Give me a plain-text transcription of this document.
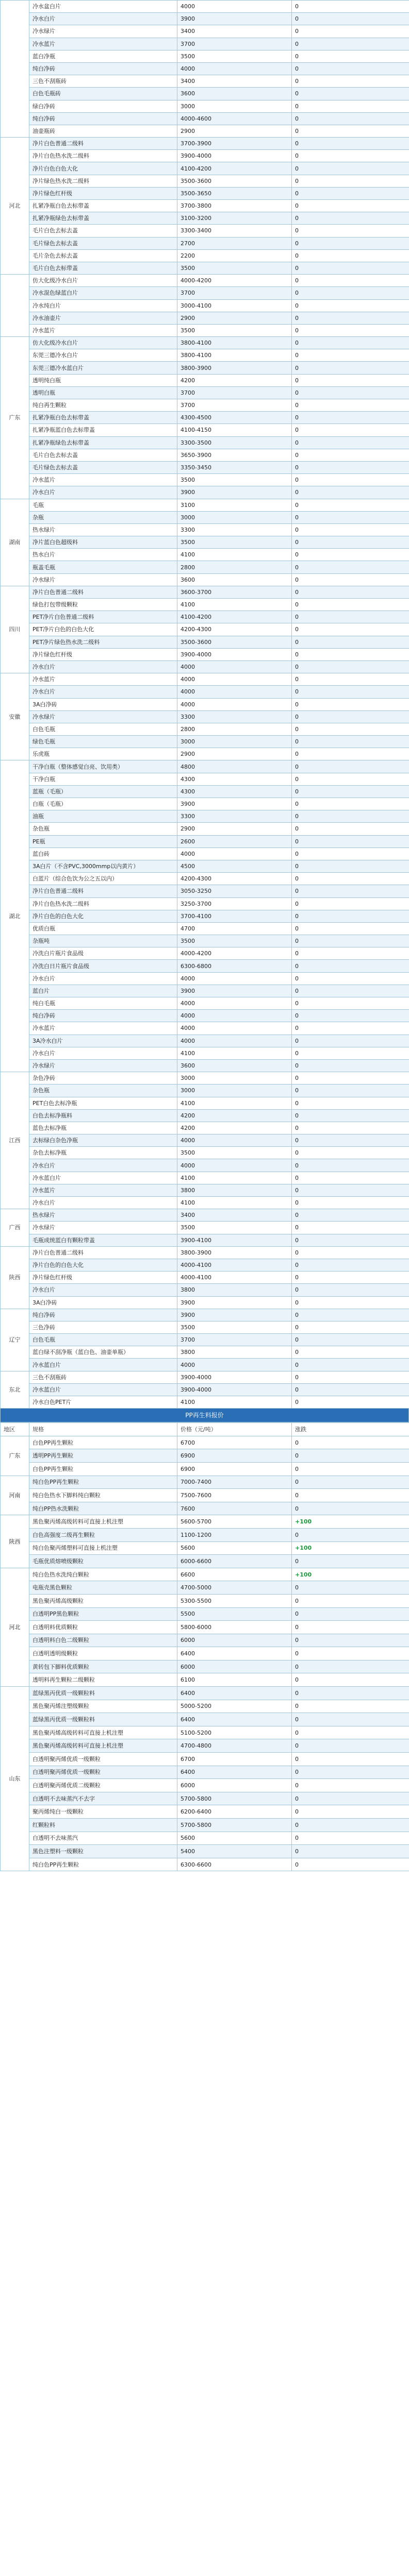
	冷水盆白片	4000	0
	冷水白片	3900	0
	冷水绿片	3400	0
	冷水蓝片	3700	0
	蓝白净瓶	3500	0
	纯白净砖	4000	0
	三色不刮瓶砖	3400	0
	白色毛瓶砖	3600	0
	绿白净砖	3000	0
	纯白净砖	4000-4600	0
	油壶瓶砖	2900	0
河北	净片白色普通二级料	3700-3900	0
	净片白色热水洗二级料	3900-4000	0
	净片白色白色大化	4100-4200	0
	净片绿色热水洗二级料	3500-3600	0
	净片绿色红杆级	3500-3650	0
	扎紧净瓶白色去标带盖	3700-3800	0
	扎紧净瓶绿色去标带盖	3100-3200	0
	毛片白色去标去盖	3300-3400	0
	毛片绿色去标去盖	2700	0
	毛片杂色去标去盖	2200	0
	毛片白色去标带盖	3500	0
	仿大化级冷水白片	4000-4200	0
	冷水混色绿蓝白片	3700	0
	冷水纯白片	3000-4100	0
	冷水油壶片	2900	0
	冷水蓝片	3500	0
广东	仿大化级冷水白片	3800-4100	0
	东莞三德冷水白片	3800-4100	0
	东莞三德冷水蓝白片	3800-3900	0
	透明纯白瓶	4200	0
	透明白瓶	3700	0
	纯白再生颗粒	3700	0
	扎紧净瓶白色去标带盖	4300-4500	0
	扎紧净瓶蓝白色去标带盖	4100-4150	0
	扎紧净瓶绿色去标带盖	3300-3500	0
	毛片白色去标去盖	3650-3900	0
	毛片绿色去标去盖	3350-3450	0
	冷水蓝片	3500	0
	冷水白片	3900	0
湖南	毛瓶	3100	0
	杂瓶	3000	0
	热水绿片	3300	0
	净片蓝白色超级料	3500	0
	热水白片	4100	0
	瓶盖毛瓶	2800	0
	冷水绿片	3600	0
四川	净片白色普通二级料	3600-3700	0
	绿色打包带级颗粒	4100	0
	PET净片白色普通二级料	4100-4200	0
	PET净片白色的白色大化	4200-4300	0
	PET净片绿色热水洗二级料	3500-3600	0
	净片绿色红杆级	3900-4000	0
	冷水白片	4000	0
安徽	冷水蓝片	4000	0
	冷水白片	4000	0
	3A白净砖	4000	0
	冷水绿片	3300	0
	白色毛瓶	2800	0
	绿色毛瓶	3000	0
	乐虎瓶	2900	0
湖北	干净白瓶（整体感觉白亮、饮用类）	4800	0
	干净白瓶	4300	0
	蓝瓶（毛瓶）	4300	0
	白瓶（毛瓶）	3900	0
	油瓶	3300	0
	杂色瓶	2900	0
	PE瓶	2600	0
	蓝白砖	4000	0
	3A白片（不含PVC,3000mmp以内黄片）	4500	0
	白蓝片（综合色饮为公之五以内）	4200-4300	0
	净片白色普通二级料	3050-3250	0
	净片白色热水洗二级料	3250-3700	0
	净片白色的白色大化	3700-4100	0
	优质白瓶	4700	0
	杂瓶吨	3500	0
	冷洗白片瓶片食品级	4000-4200	0
	冷洗白日片瓶片食品级	6300-6800	0
	冷水白片	4000	0
	蓝白片	3900	0
	纯白毛瓶	4000	0
	纯白净砖	4000	0
	冷水蓝片	4000	0
	3A冷水白片	4000	0
	冷水白片	4100	0
	冷水绿片	3600	0
江西	杂色净砖	3000	0
	杂色瓶	3000	0
	PET白色去标净瓶	4100	0
	白色去标净瓶料	4200	0
	蓝色去标净瓶	4200	0
	去标绿白杂色净瓶	4000	0
	杂色去标净瓶	3500	0
	冷水白片	4000	0
	冷水蓝白片	4100	0
	冷水蓝片	3800	0
	冷水白片	4100	0
广西	热水绿片	3400	0
	冷水绿片	3500	0
	毛瓶成统蓝白有颗粒带盖	3900-4100	0
陕西	净片白色普通二级料	3800-3900	0
	净片白色的白色大化	4000-4100	0
	净片绿色红杆级	4000-4100	0
	冷水白片	3800	0
	3A白净砖	3900	0
辽宁	纯白净砖	3900	0
	三色净砖	3500	0
	白色毛瓶	3700	0
	蓝白绿不刮净瓶（蓝白色、油壶单瓶）	3800	0
	冷水蓝白片	4000	0
东北	三色不刮瓶砖	3900-4000	0
	冷水蓝白片	3900-4000	0
	冷水白色PET片	4100	0
PP再生料报价
地区	规格	价格（元/吨）	涨跌
广东	白色PP再生颗粒	6700	0
	透明PP再生颗粒	6900	0
	白色PP再生颗粒	6900	0
河南	纯白色PP再生颗粒	7000-7400	0
	纯白色热水下脚料纯白颗粒	7500-7600	0
	纯白PP热水洗颗粒	7600	0
陕西	黑色聚丙烯高级转料可直接上机注塑	5600-5700	+100
	白色高强度二级再生颗粒	1100-1200	0
	纯白色聚丙烯塑料可直接上机注塑	5600	+100
	毛瓶优质熔喷级颗粒	6000-6600	0
河北	纯白色热水洗纯白颗粒	6600	+100
	电瓶壳黑色颗粒	4700-5000	0
	黑色聚丙烯高级颗粒	5300-5500	0
	白透明PP黑色颗粒	5500	0
	白透明料优质颗粒	5800-6000	0
	白透明料白色二级颗粒	6000	0
	白透明透明级颗粒	6400	0
	黄转包下脚料优质颗粒	6000	0
	透明料再生颗粒二级颗粒	6100	0
山东	蓝绿黑丙优质一级颗粒料	6400	0
	黑色聚丙烯注塑级颗粒	5000-5200	0
	蓝绿黑丙优质一级颗粒料	6400	0
	黑色聚丙烯高级转料可直接上机注塑	5100-5200	0
	黑色聚丙烯高级转料可直接上机注塑	4700-4800	0
	白透明聚丙烯优质一级颗粒	6700	0
	白透明聚丙烯优质一级颗粒	6400	0
	白透明聚丙烯优质二级颗粒	6000	0
	白透明不去味蒸汽不去字	5700-5800	0
	聚丙烯纯白一级颗粒	6200-6400	0
	红颗粒料	5700-5800	0
	白透明不去味蒸汽	5600	0
	黑色注塑料一级颗粒	5400	0
	纯白色PP再生颗粒	6300-6600	0
